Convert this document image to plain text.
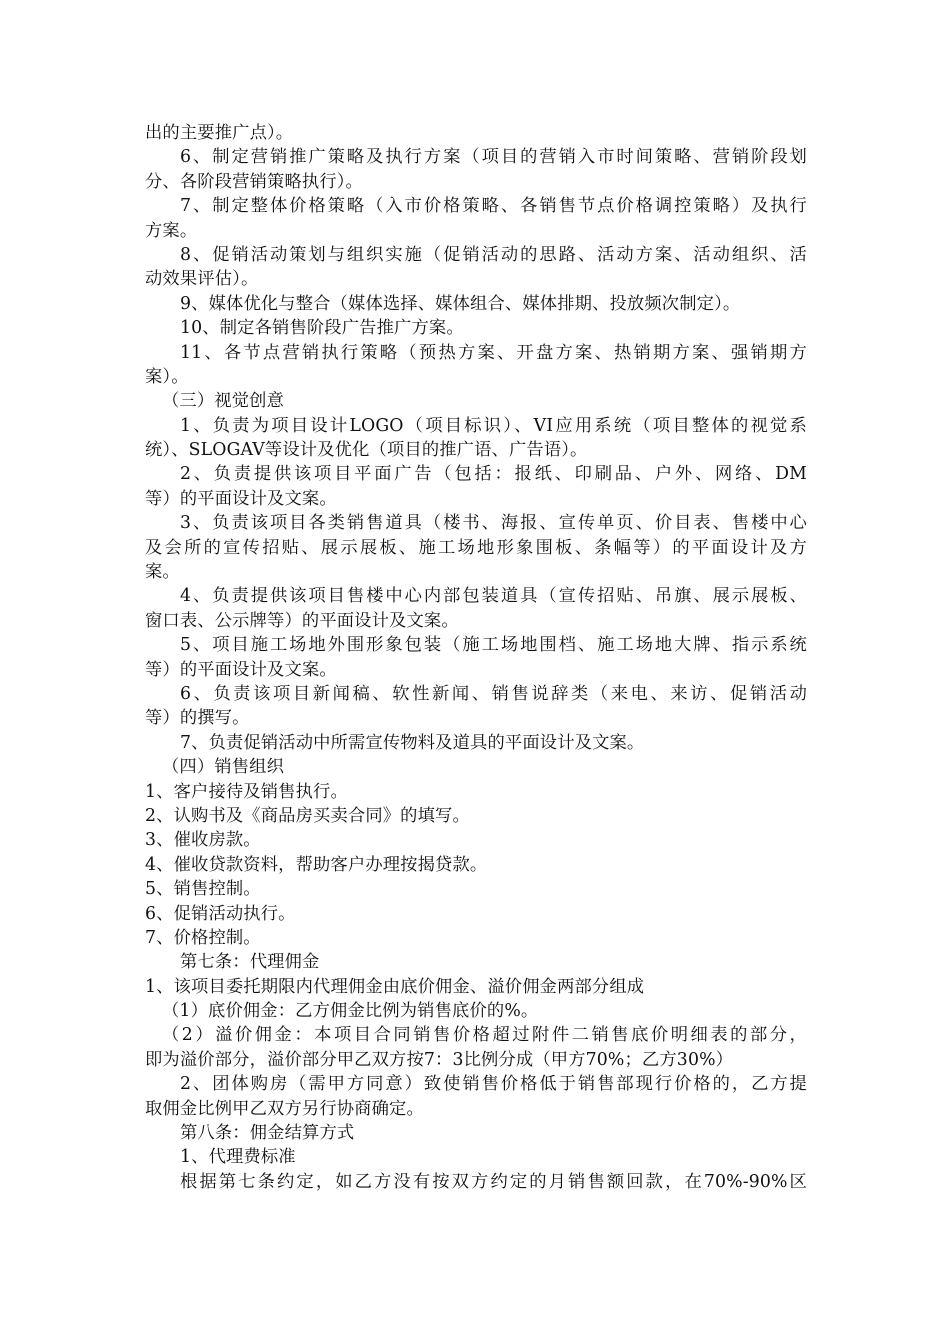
出的主要推广点）。
6、制定营销推广策略及执行方案（项目的营销入市时间策略、营销阶段划
分、各阶段营销策略执行）。
7、制定整体价格策略（入市价格策略、各销售节点价格调控策略）及执行
方案。
8、促销活动策划与组织实施（促销活动的思路、活动方案、活动组织、活
动效果评估）。
9、媒体优化与整合（媒体选择、媒体组合、媒体排期、投放频次制定）。
10、制定各销售阶段广告推广方案。
11、各节点营销执行策略（预热方案、开盘方案、热销期方案、强销期方
案）。
（三）视觉创意
1、负责为项目设计LOGO（项目标识）、VI应用系统（项目整体的视觉系
统）、SLOGAV等设计及优化（项目的推广语、广告语）。
2、负责提供该项目平面广告（包括：报纸、印刷品、户外、网络、DM
等）的平面设计及文案。
3、负责该项目各类销售道具（楼书、海报、宣传单页、价目表、售楼中心
及会所的宣传招贴、展示展板、施工场地形象围板、条幅等）的平面设计及方
案。
4、负责提供该项目售楼中心内部包装道具（宣传招贴、吊旗、展示展板、
窗口表、公示牌等）的平面设计及文案。
5、项目施工场地外围形象包装（施工场地围档、施工场地大牌、指示系统
等）的平面设计及文案。
6、负责该项目新闻稿、软性新闻、销售说辞类（来电、来访、促销活动
等）的撰写。
7、负责促销活动中所需宣传物料及道具的平面设计及文案。
（四）销售组织
1、客户接待及销售执行。
2、认购书及《商品房买卖合同》的填写。
3、催收房款。
4、催收贷款资料，帮助客户办理按揭贷款。
5、销售控制。
6、促销活动执行。
7、价格控制。
第七条：代理佣金
1、该项目委托期限内代理佣金由底价佣金、溢价佣金两部分组成
（1）底价佣金：乙方佣金比例为销售底价的%。
（2）溢价佣金：本项目合同销售价格超过附件二销售底价明细表的部分，
即为溢价部分，溢价部分甲乙双方按7：3比例分成（甲方70%；乙方30%）
2、团体购房（需甲方同意）致使销售价格低于销售部现行价格的，乙方提
取佣金比例甲乙双方另行协商确定。
第八条：佣金结算方式
1、代理费标准
根据第七条约定，如乙方没有按双方约定的月销售额回款，在70%-90%区
